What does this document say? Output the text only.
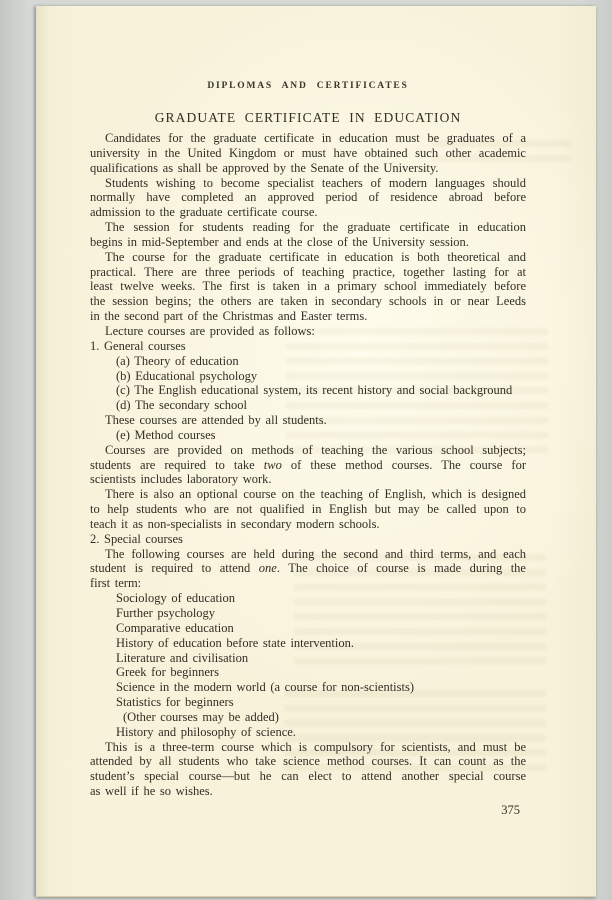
DIPLOMAS AND CERTIFICATES
GRADUATE CERTIFICATE IN EDUCATION
Candidates for the graduate certificate in education must be graduates of a
university in the United Kingdom or must have obtained such other academic
qualifications as shall be approved by the Senate of the University.
Students wishing to become specialist teachers of modern languages should
normally have completed an approved period of residence abroad before
admission to the graduate certificate course.
The session for students reading for the graduate certificate in education
begins in mid-September and ends at the close of the University session.
The course for the graduate certificate in education is both theoretical and
practical. There are three periods of teaching practice, together lasting for at
least twelve weeks. The first is taken in a primary school immediately before
the session begins; the others are taken in secondary schools in or near Leeds
in the second part of the Christmas and Easter terms.
Lecture courses are provided as follows:
1. General courses
(a) Theory of education
(b) Educational psychology
(c) The English educational system, its recent history and social background
(d) The secondary school
These courses are attended by all students.
(e) Method courses
Courses are provided on methods of teaching the various school subjects;
students are required to take two of these method courses. The course for
scientists includes laboratory work.
There is also an optional course on the teaching of English, which is designed
to help students who are not qualified in English but may be called upon to
teach it as non-specialists in secondary modern schools.
2. Special courses
The following courses are held during the second and third terms, and each
student is required to attend one. The choice of course is made during the
first term:
Sociology of education
Further psychology
Comparative education
History of education before state intervention.
Literature and civilisation
Greek for beginners
Science in the modern world (a course for non-scientists)
Statistics for beginners
(Other courses may be added)
History and philosophy of science.
This is a three-term course which is compulsory for scientists, and must be
attended by all students who take science method courses. It can count as the
student’s special course—but he can elect to attend another special course
as well if he so wishes.
375
